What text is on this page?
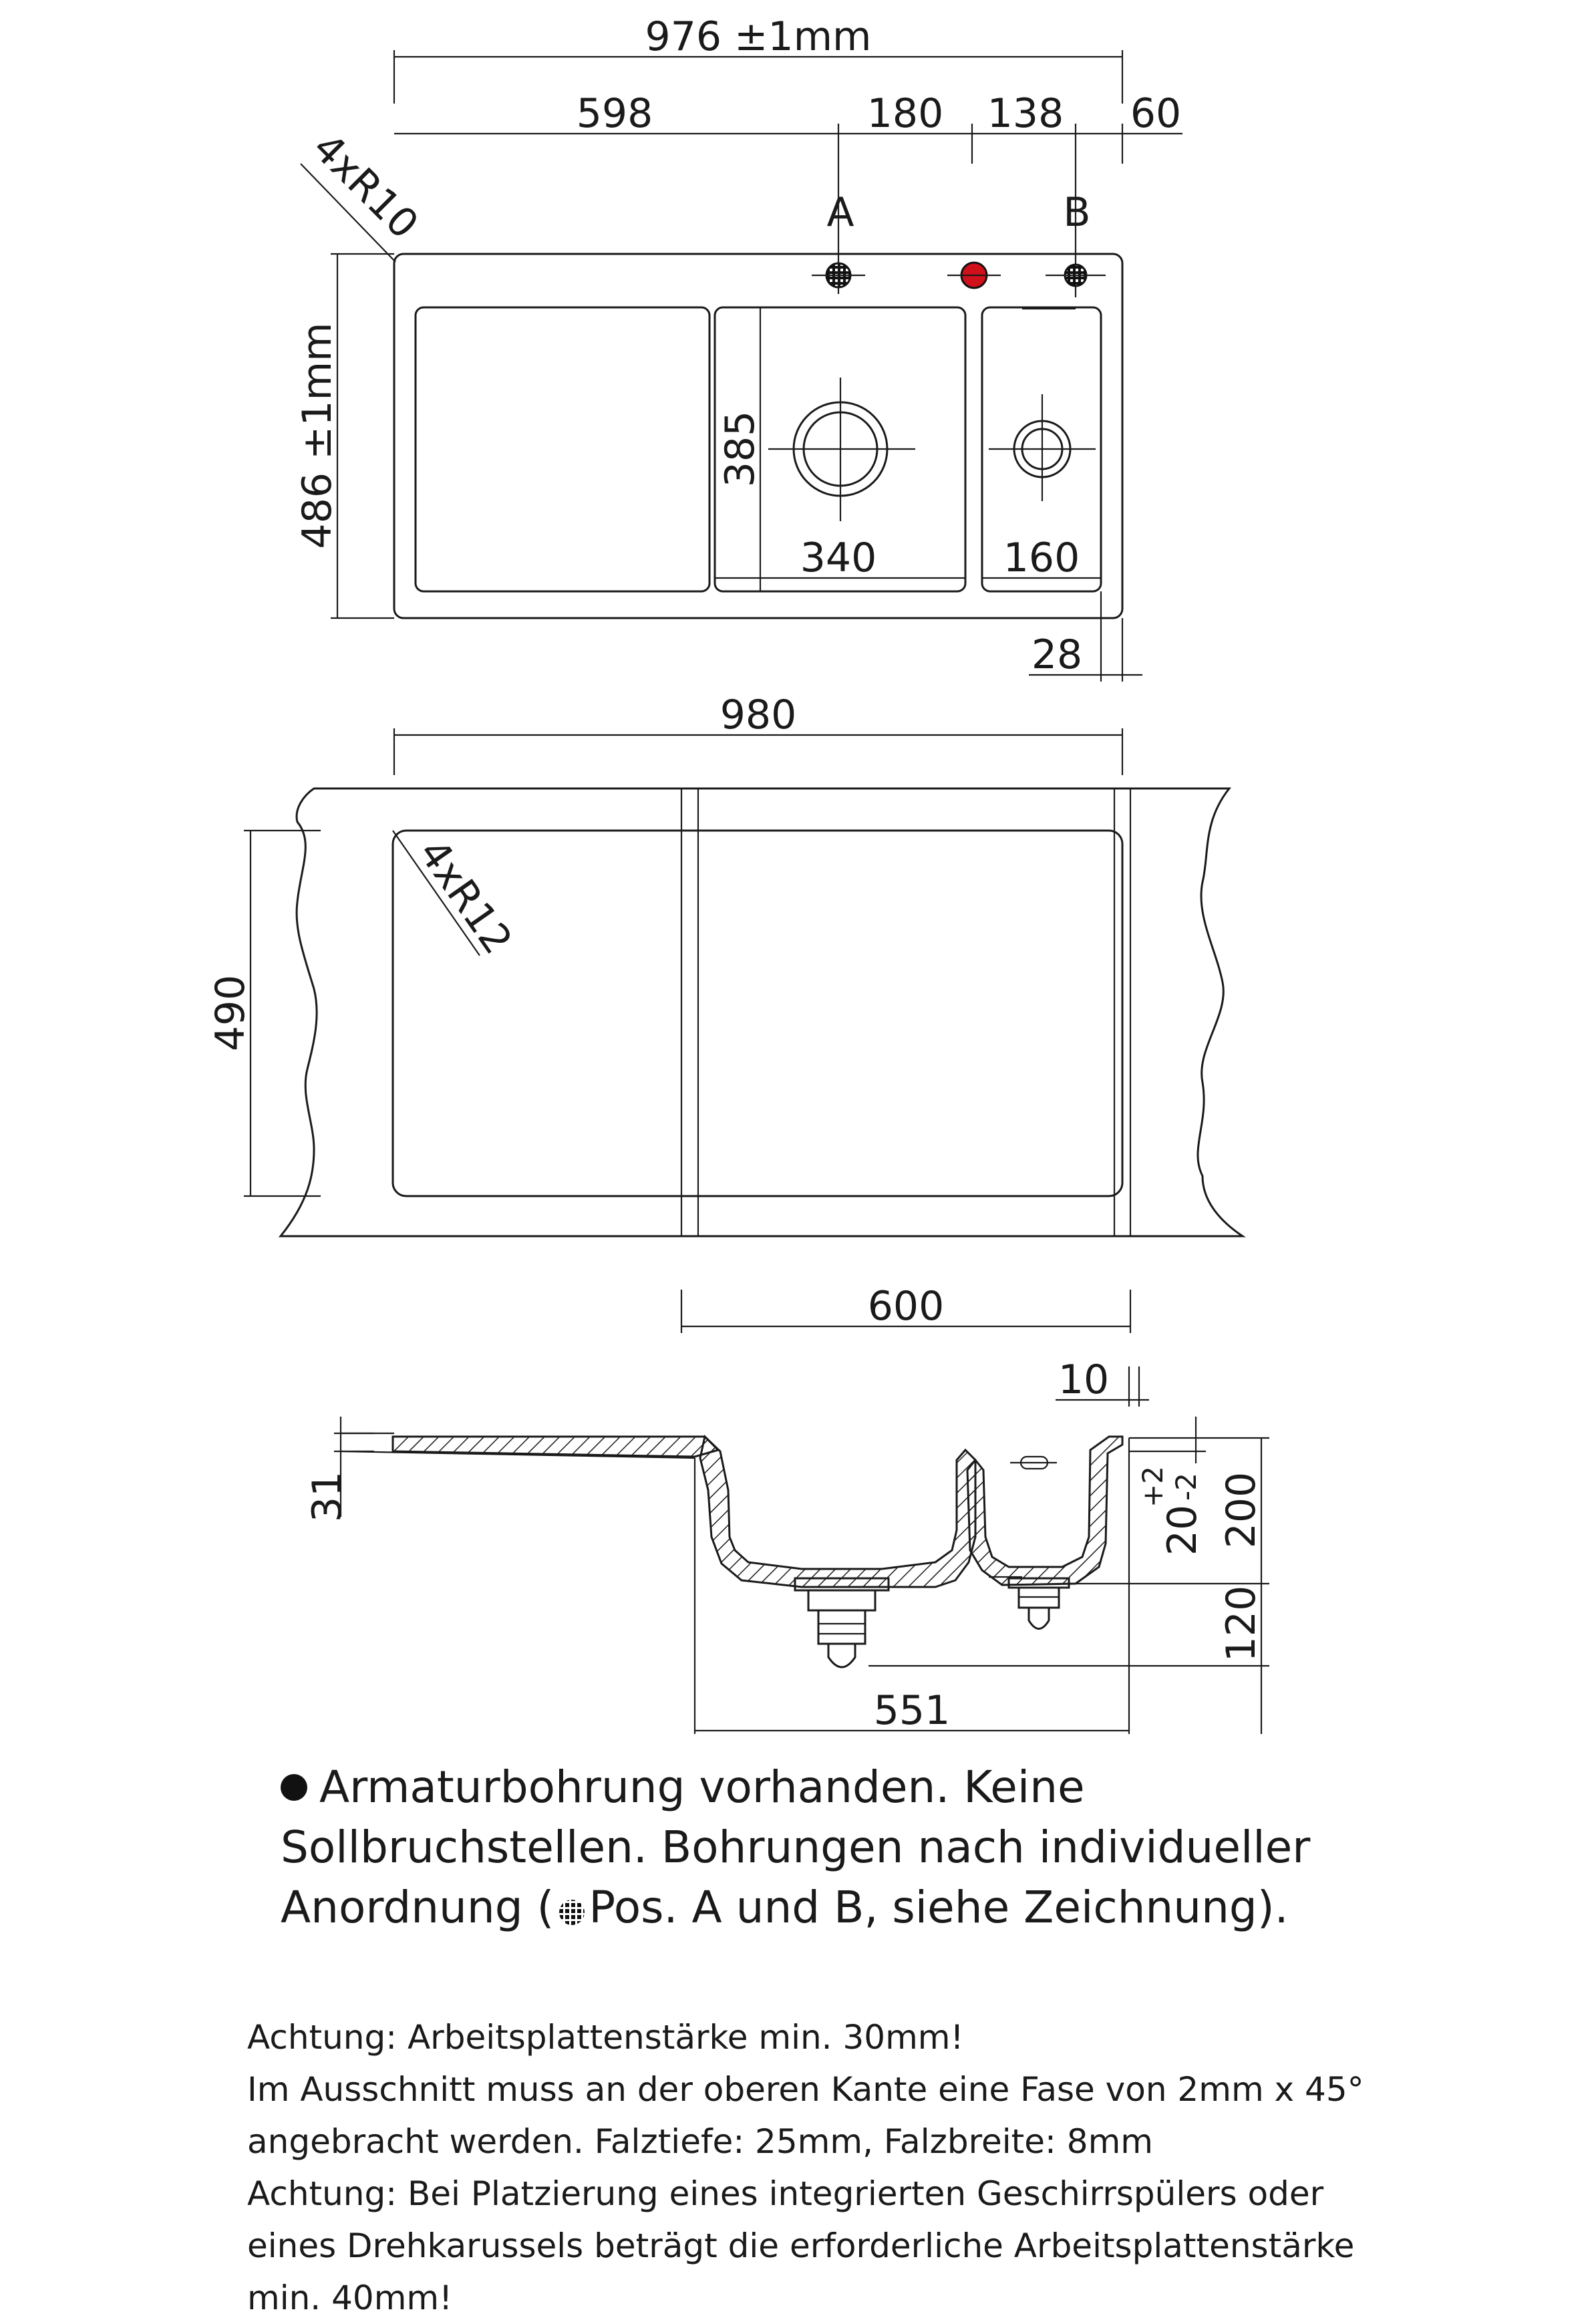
976 ±1mm
598	180 138 60
4xR10	A	B
486 ±1mm	385
340	160
28
980
4xR12
490
600
10
31	200
120
20
+2 -2
551
Armaturbohrung vorhanden. Keine
Sollbruchstellen. Bohrungen nach individueller
Anordnung ( Pos. A und B, siehe Zeichnung).
Achtung: Arbeitsplattenstärke min. 30mm!
Im Ausschnitt muss an der oberen Kante eine Fase von 2mm x 45°
angebracht werden. Falztiefe: 25mm, Falzbreite: 8mm
Achtung: Bei Platzierung eines integrierten Geschirrspülers oder
eines Drehkarussels beträgt die erforderliche Arbeitsplattenstärke
min. 40mm!
